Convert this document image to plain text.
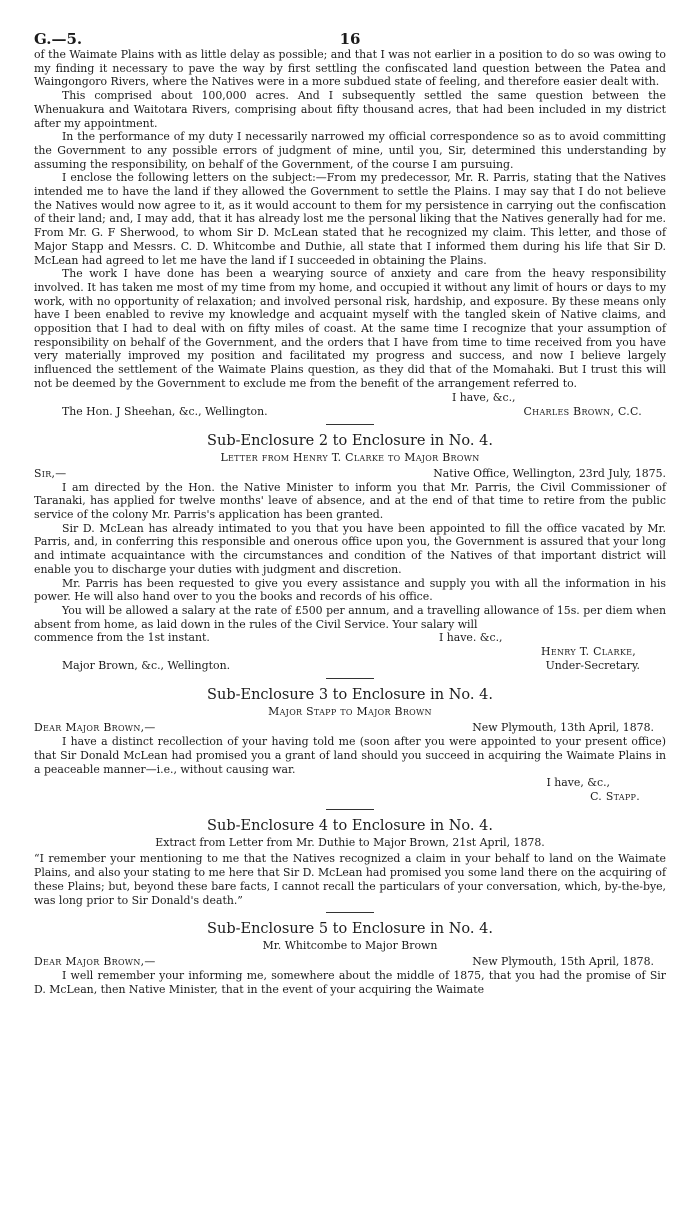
G.—5.	16

of the Waimate Plains with as little delay as possible; and that I was not earlier in a position to do so was owing to my finding it necessary to pave the way by first settling the confiscated land question between the Patea and Waingongoro Rivers, where the Natives were in a more subdued state of feeling, and therefore easier dealt with.

This comprised about 100,000 acres. And I subsequently settled the same question between the Whenuakura and Waitotara Rivers, comprising about fifty thousand acres, that had been included in my district after my appointment.

In the performance of my duty I necessarily narrowed my official correspondence so as to avoid committing the Government to any possible errors of judgment of mine, until you, Sir, determined this understanding by assuming the responsibility, on behalf of the Government, of the course I am pursuing.

I enclose the following letters on the subject:—From my predecessor, Mr. R. Parris, stating that the Natives intended me to have the land if they allowed the Government to settle the Plains. I may say that I do not believe the Natives would now agree to it, as it would account to them for my persistence in carrying out the confiscation of their land; and, I may add, that it has already lost me the personal liking that the Natives generally had for me. From Mr. G. F Sherwood, to whom Sir D. McLean stated that he recognized my claim. This letter, and those of Major Stapp and Messrs. C. D. Whitcombe and Duthie, all state that I informed them during his life that Sir D. McLean had agreed to let me have the land if I succeeded in obtaining the Plains.

The work I have done has been a wearying source of anxiety and care from the heavy responsibility involved. It has taken me most of my time from my home, and occupied it without any limit of hours or days to my work, with no opportunity of relaxation; and involved personal risk, hardship, and exposure. By these means only have I been enabled to revive my knowledge and acquaint myself with the tangled skein of Native claims, and opposition that I had to deal with on fifty miles of coast. At the same time I recognize that your assumption of responsibility on behalf of the Government, and the orders that I have from time to time received from you have very materially improved my position and facilitated my progress and success, and now I believe largely influenced the settlement of the Waimate Plains question, as they did that of the Momahaki. But I trust this will not be deemed by the Government to exclude me from the benefit of the arrangement referred to.

I have, &c.,
The Hon. J Sheehan, &c., Wellington.	Charles Brown, C.C.
Sub-Enclosure 2 to Enclosure in No. 4.
Letter from Henry T. Clarke to Major Brown
Sir,—	Native Office, Wellington, 23rd July, 1875.

I am directed by the Hon. the Native Minister to inform you that Mr. Parris, the Civil Commissioner of Taranaki, has applied for twelve months' leave of absence, and at the end of that time to retire from the public service of the colony Mr. Parris's application has been granted.

Sir D. McLean has already intimated to you that you have been appointed to fill the office vacated by Mr. Parris, and, in conferring this responsible and onerous office upon you, the Government is assured that your long and intimate acquaintance with the circumstances and condition of the Natives of that important district will enable you to discharge your duties with judgment and discretion.

Mr. Parris has been requested to give you every assistance and supply you with all the information in his power. He will also hand over to you the books and records of his office.

You will be allowed a salary at the rate of £500 per annum, and a travelling allowance of 15s. per diem when absent from home, as laid down in the rules of the Civil Service. Your salary will

commence from the 1st instant.	I have. &c.,
Henry T. Clarke,
Major Brown, &c., Wellington.	Under-Secretary.
Sub-Enclosure 3 to Enclosure in No. 4.
Major Stapp to Major Brown
Dear Major Brown,—	New Plymouth, 13th April, 1878.

I have a distinct recollection of your having told me (soon after you were appointed to your present office) that Sir Donald McLean had promised you a grant of land should you succeed in acquiring the Waimate Plains in a peaceable manner—i.e., without causing war.

I have, &c.,
C. Stapp.
Sub-Enclosure 4 to Enclosure in No. 4.
Extract from Letter from Mr. Duthie to Major Brown, 21st April, 1878.

“I remember your mentioning to me that the Natives recognized a claim in your behalf to land on the Waimate Plains, and also your stating to me here that Sir D. McLean had promised you some land there on the acquiring of these Plains; but, beyond these bare facts, I cannot recall the particulars of your conversation, which, by-the-bye, was long prior to Sir Donald's death.”

Sub-Enclosure 5 to Enclosure in No. 4.
Mr. Whitcombe to Major Brown
Dear Major Brown,—	New Plymouth, 15th April, 1878.

I well remember your informing me, somewhere about the middle of 1875, that you had the promise of Sir D. McLean, then Native Minister, that in the event of your acquiring the Waimate
